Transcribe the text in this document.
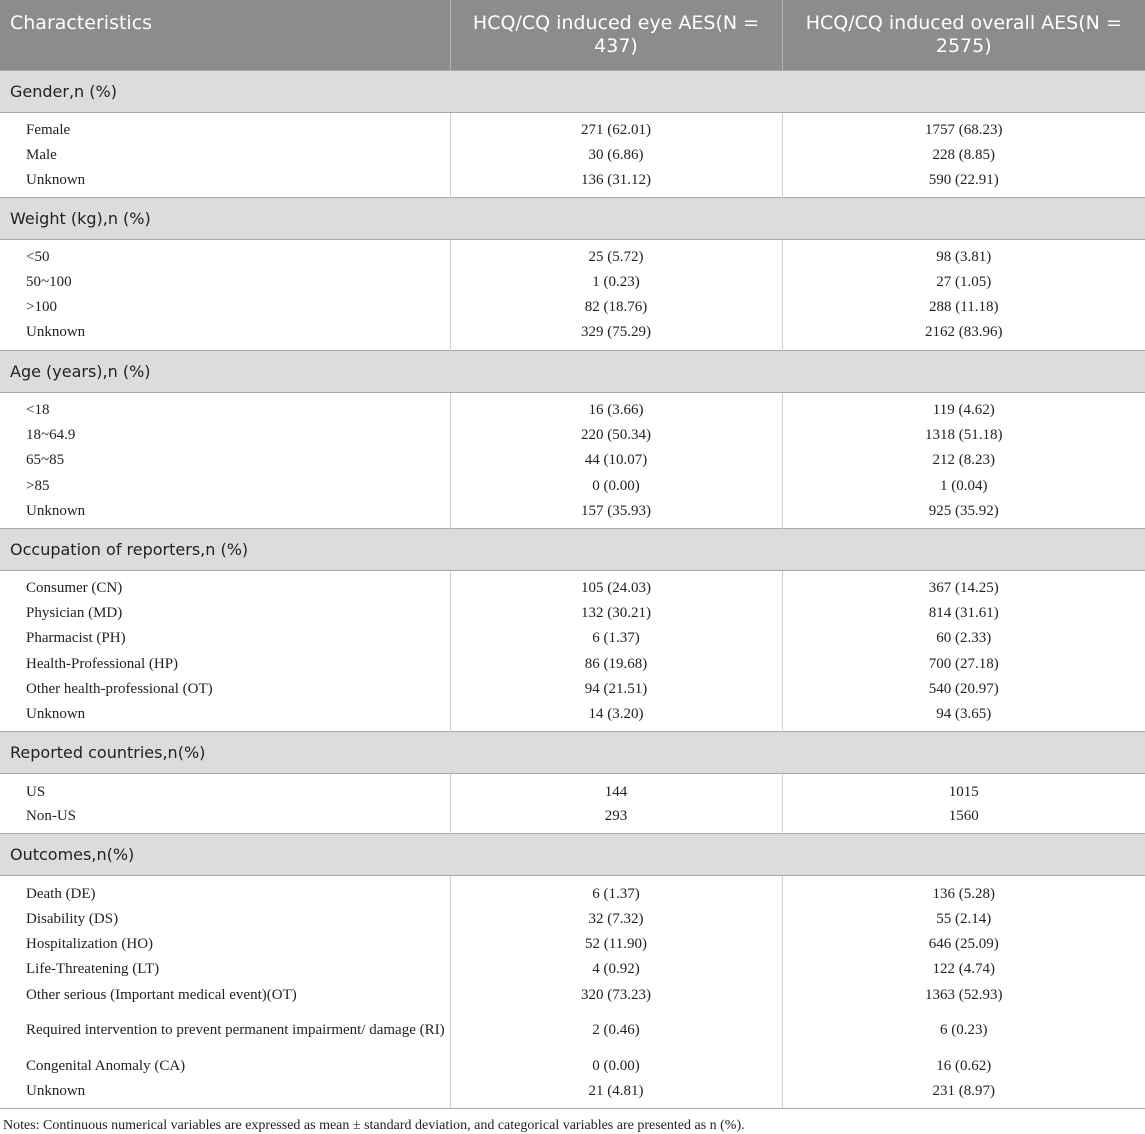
Characteristics	HCQ/CQ induced eye AES(N = 437)	HCQ/CQ induced overall AES(N = 2575)
Gender,n (%)		
Female	271 (62.01)	1757 (68.23)
Male	30 (6.86)	228 (8.85)
Unknown	136 (31.12)	590 (22.91)
Weight (kg),n (%)		
<50	25 (5.72)	98 (3.81)
50~100	1 (0.23)	27 (1.05)
>100	82 (18.76)	288 (11.18)
Unknown	329 (75.29)	2162 (83.96)
Age (years),n (%)		
<18	16 (3.66)	119 (4.62)
18~64.9	220 (50.34)	1318 (51.18)
65~85	44 (10.07)	212 (8.23)
>85	0 (0.00)	1 (0.04)
Unknown	157 (35.93)	925 (35.92)
Occupation of reporters,n (%)		
Consumer (CN)	105 (24.03)	367 (14.25)
Physician (MD)	132 (30.21)	814 (31.61)
Pharmacist (PH)	6 (1.37)	60 (2.33)
Health-Professional (HP)	86 (19.68)	700 (27.18)
Other health-professional (OT)	94 (21.51)	540 (20.97)
Unknown	14 (3.20)	94 (3.65)
Reported countries,n(%)		
US	144	1015
Non-US	293	1560
Outcomes,n(%)		
Death (DE)	6 (1.37)	136 (5.28)
Disability (DS)	32 (7.32)	55 (2.14)
Hospitalization (HO)	52 (11.90)	646 (25.09)
Life-Threatening (LT)	4 (0.92)	122 (4.74)
Other serious (Important medical event)(OT)	320 (73.23)	1363 (52.93)
Required intervention to prevent permanent impairment/ damage (RI)	2 (0.46)	6 (0.23)
Congenital Anomaly (CA)	0 (0.00)	16 (0.62)
Unknown	21 (4.81)	231 (8.97)
Notes: Continuous numerical variables are expressed as mean ± standard deviation, and categorical variables are presented as n (%).
